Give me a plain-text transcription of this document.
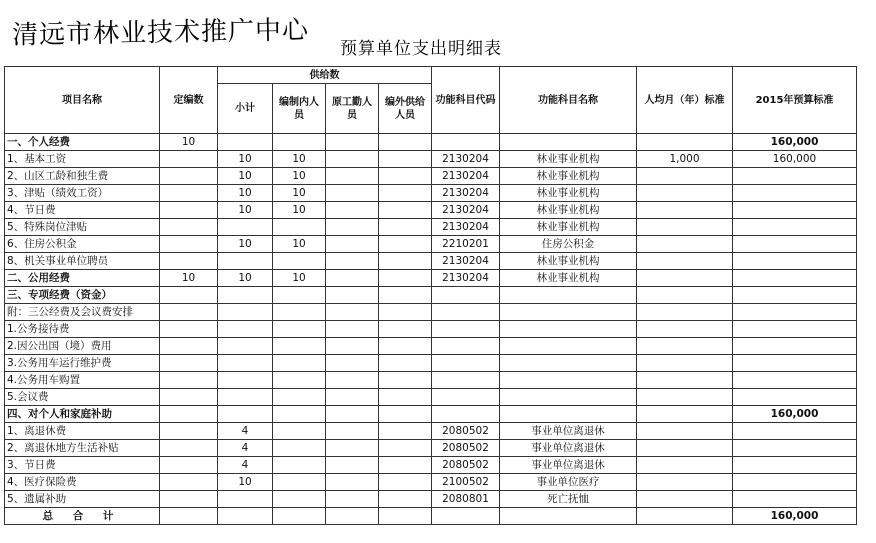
清远市林业技术推广中心 预算单位支出明细表
项目名称	定编数	供给数				功能科目代码	功能科目名称	人均月（年）标准	2015年预算标准
		小计	编制内人员	原工勤人员	编外供给人员				
一、个人经费	10								160,000
1、基本工资		10	10			2130204	林业事业机构	1,000	160,000
2、山区工龄和独生费		10	10			2130204	林业事业机构		
3、津贴（绩效工资）		10	10			2130204	林业事业机构		
4、节日费		10	10			2130204	林业事业机构		
5、特殊岗位津贴						2130204	林业事业机构		
6、住房公积金		10	10			2210201	住房公积金		
8、机关事业单位聘员						2130204	林业事业机构		
二、公用经费	10	10	10			2130204	林业事业机构		
三、专项经费（资金）									
附：三公经费及会议费安排									
1.公务接待费									
2.因公出国（境）费用									
3.公务用车运行维护费									
4.公务用车购置									
5.会议费									
四、对个人和家庭补助									160,000
1、离退休费		4				2080502	事业单位离退休		
2、离退休地方生活补贴		4				2080502	事业单位离退休		
3、节日费		4				2080502	事业单位离退休		
4、医疗保险费		10				2100502	事业单位医疗		
5、遗属补助						2080801	死亡抚恤		
总 合 计									160,000
